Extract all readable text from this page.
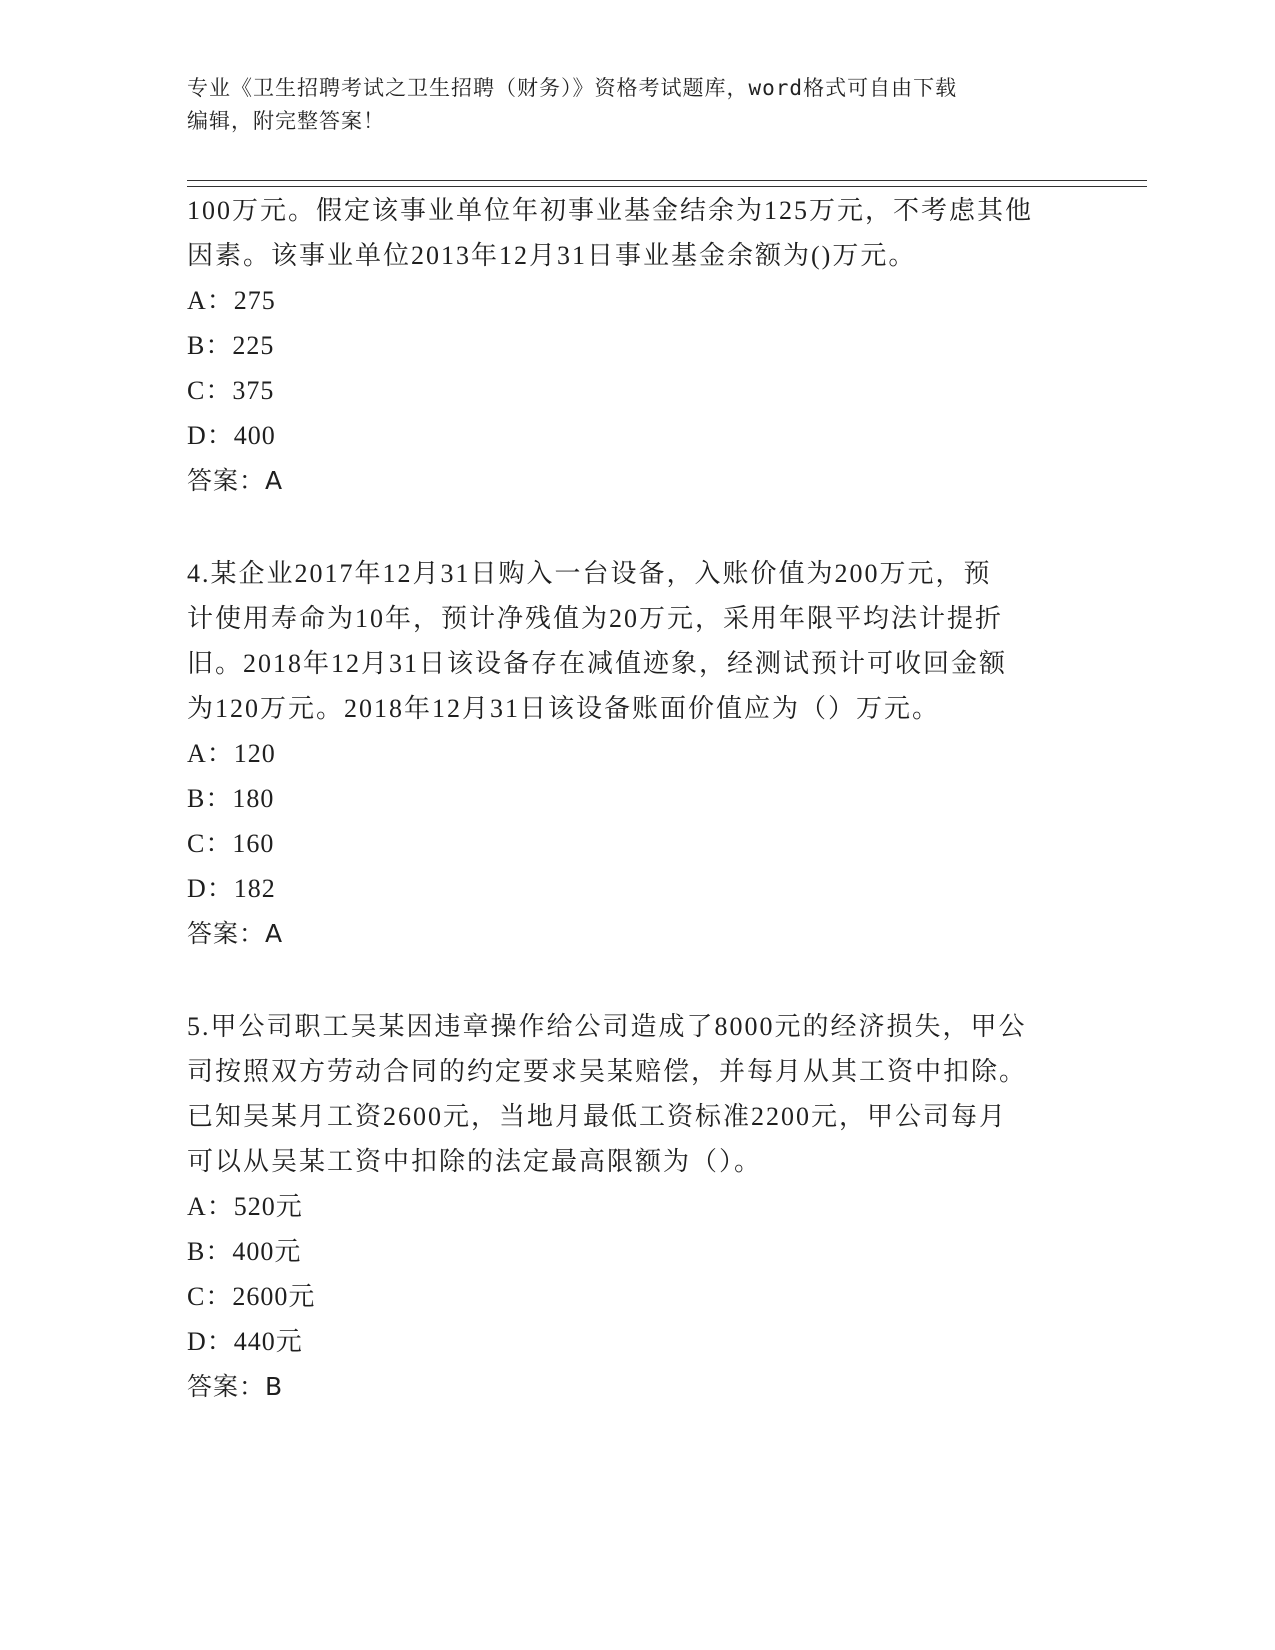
专业《卫生招聘考试之卫生招聘（财务）》资格考试题库，word格式可自由下载
编辑，附完整答案！

100万元。假定该事业单位年初事业基金结余为125万元，不考虑其他
因素。该事业单位2013年12月31日事业基金余额为()万元。

A：275
B：225
C：375
D：400
答案：A

4.某企业2017年12月31日购入一台设备，入账价值为200万元，预
计使用寿命为10年，预计净残值为20万元，采用年限平均法计提折
旧。2018年12月31日该设备存在减值迹象，经测试预计可收回金额
为120万元。2018年12月31日该设备账面价值应为（）万元。

A：120
B：180
C：160
D：182
答案：A

5.甲公司职工吴某因违章操作给公司造成了8000元的经济损失，甲公
司按照双方劳动合同的约定要求吴某赔偿，并每月从其工资中扣除。
已知吴某月工资2600元，当地月最低工资标准2200元，甲公司每月
可以从吴某工资中扣除的法定最高限额为（）。

A：520元
B：400元
C：2600元
D：440元
答案：B
